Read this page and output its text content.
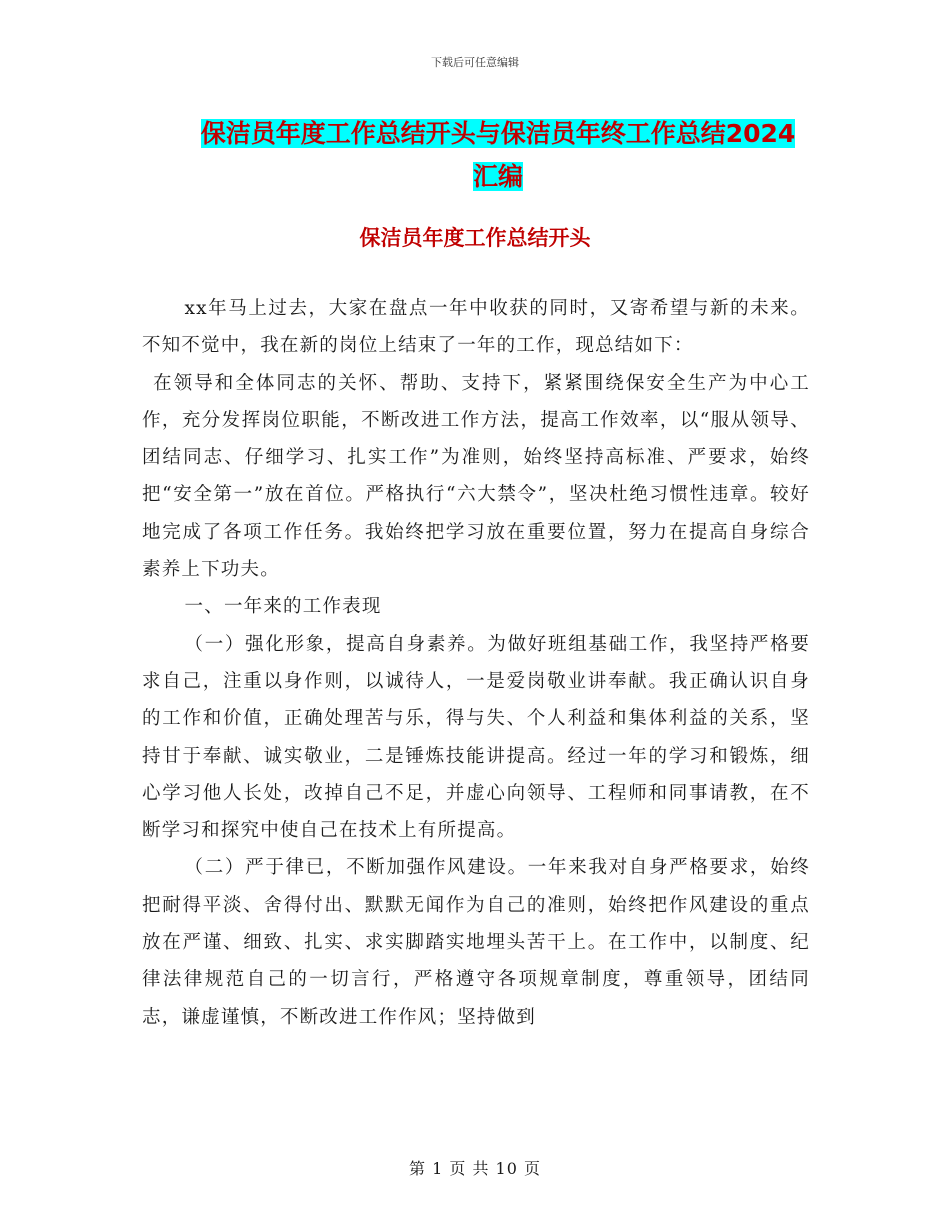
下载后可任意编辑
保洁员年度工作总结开头与保洁员年终工作总结2024
汇编
保洁员年度工作总结开头

xx年马上过去，大家在盘点一年中收获的同时，又寄希望与新的未来。不知不觉中，我在新的岗位上结束了一年的工作，现总结如下：

在领导和全体同志的关怀、帮助、支持下，紧紧围绕保安全生产为中心工作，充分发挥岗位职能，不断改进工作方法，提高工作效率，以“服从领导、团结同志、仔细学习、扎实工作”为准则，始终坚持高标准、严要求，始终把“安全第一”放在首位。严格执行“六大禁令”，坚决杜绝习惯性违章。较好地完成了各项工作任务。我始终把学习放在重要位置，努力在提高自身综合素养上下功夫。

一、一年来的工作表现

（一）强化形象，提高自身素养。为做好班组基础工作，我坚持严格要求自己，注重以身作则，以诚待人，一是爱岗敬业讲奉献。我正确认识自身的工作和价值，正确处理苦与乐，得与失、个人利益和集体利益的关系，坚持甘于奉献、诚实敬业，二是锤炼技能讲提高。经过一年的学习和锻炼，细心学习他人长处，改掉自己不足，并虚心向领导、工程师和同事请教，在不断学习和探究中使自己在技术上有所提高。

（二）严于律已，不断加强作风建设。一年来我对自身严格要求，始终把耐得平淡、舍得付出、默默无闻作为自己的准则，始终把作风建设的重点放在严谨、细致、扎实、求实脚踏实地埋头苦干上。在工作中，以制度、纪律法律规范自己的一切言行，严格遵守各项规章制度，尊重领导，团结同志，谦虚谨慎，不断改进工作作风；坚持做到

第 1 页 共 10 页
